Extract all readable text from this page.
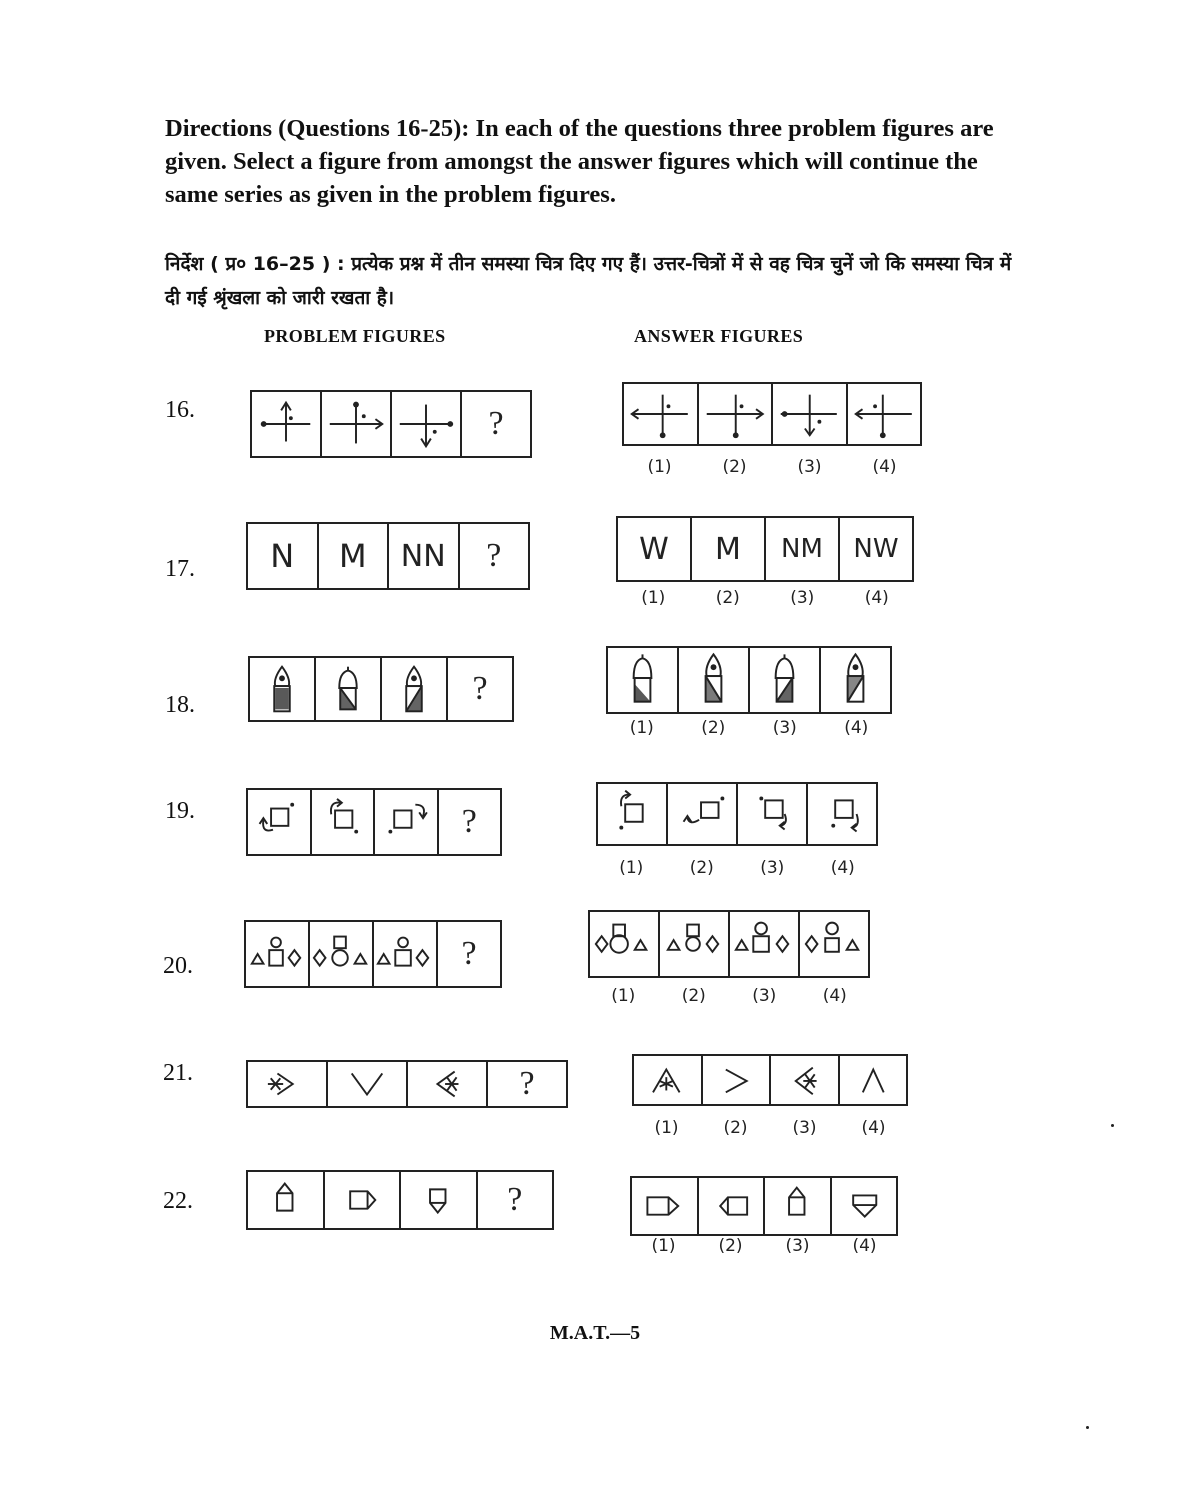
Directions (Questions 16-25): In each of the questions three problem figures are given. Select a figure from amongst the answer figures which will continue the same series as given in the problem figures.

निर्देश ( प्र० 16–25 ) : प्रत्येक प्रश्न में तीन समस्या चित्र दिए गए हैं। उत्तर-चित्रों में से वह चित्र चुनें जो कि समस्या चित्र में दी गई श्रृंखला को जारी रखता है।

PROBLEM FIGURES	ANSWER FIGURES
16.	?
(1)	(2)	(3)	(4)
17. N M NN ?	W M NM NW
(1)	(2)	(3)	(4)
18.	?
(1)	(2)	(3)	(4)
19.	?
(1)	(2)	(3)	(4)
20.	?
(1)	(2)	(3)	(4)
21.	?
(1)	(2)	(3)	(4)
22.	?
(1)	(2)	(3)	(4)
M.A.T.—5
